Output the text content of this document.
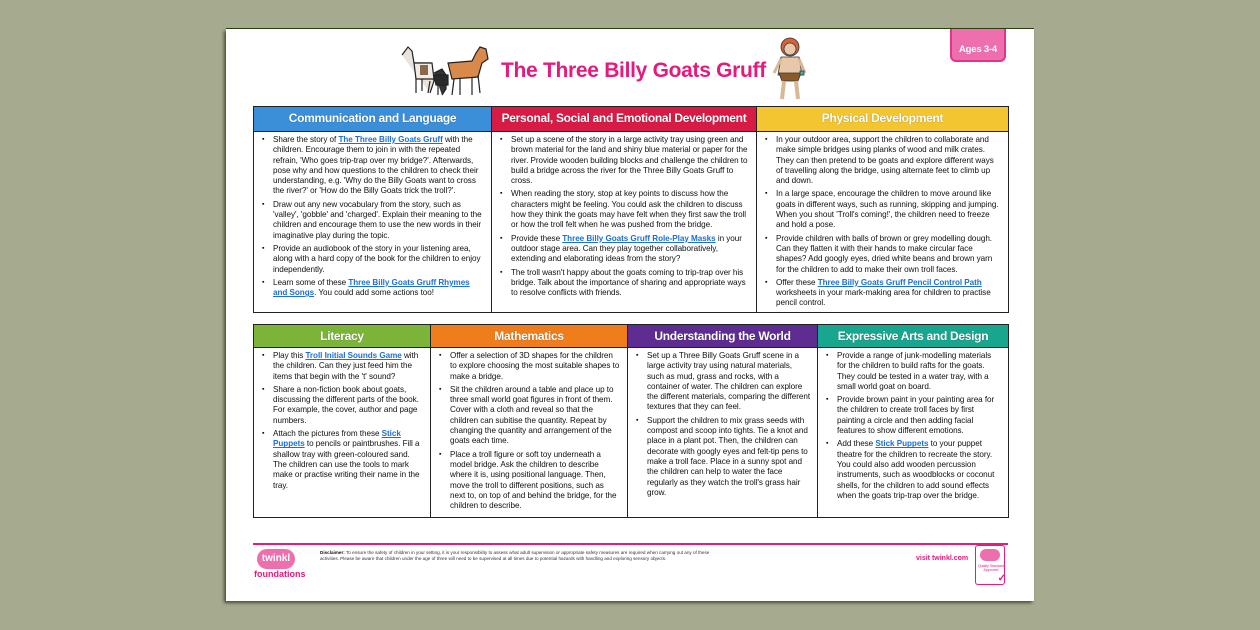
Ages 3-4
The Three Billy Goats Gruff
Communication and Language
▪ Share the story of The Three Billy Goats Gruff with the children. Encourage them to join in with the repeated refrain, 'Who goes trip-trap over my bridge?'. Afterwards, pose why and how questions to the children to check their understanding, e.g. 'Why do the Billy Goats want to cross the river?' or 'How do the Billy Goats trick the troll?'.
▪ Draw out any new vocabulary from the story, such as 'valley', 'gobble' and 'charged'. Explain their meaning to the children and encourage them to use the new words in their imaginative play during the topic.
▪ Provide an audiobook of the story in your listening area, along with a hard copy of the book for the children to enjoy independently.
▪ Learn some of these Three Billy Goats Gruff Rhymes and Songs. You could add some actions too!
Personal, Social and Emotional Development
▪ Set up a scene of the story in a large activity tray using green and brown material for the land and shiny blue material or paper for the river. Provide wooden building blocks and challenge the children to build a bridge across the river for the Three Billy Goats Gruff to cross.
▪ When reading the story, stop at key points to discuss how the characters might be feeling. You could ask the children to discuss how they think the goats may have felt when they first saw the troll or how the troll felt when he was pushed from the bridge.
▪ Provide these Three Billy Goats Gruff Role-Play Masks in your outdoor stage area. Can they play together collaboratively, extending and elaborating ideas from the story?
▪ The troll wasn't happy about the goats coming to trip-trap over his bridge. Talk about the importance of sharing and appropriate ways to resolve conflicts with friends.
Physical Development
▪ In your outdoor area, support the children to collaborate and make simple bridges using planks of wood and milk crates. They can then pretend to be goats and explore different ways of travelling along the bridge, using alternate feet to climb up and down.
▪ In a large space, encourage the children to move around like goats in different ways, such as running, skipping and jumping. When you shout 'Troll's coming!', the children need to freeze and hold a pose.
▪ Provide children with balls of brown or grey modelling dough. Can they flatten it with their hands to make circular face shapes? Add googly eyes, dried white beans and brown yarn for the children to add to make their own troll faces.
▪ Offer these Three Billy Goats Gruff Pencil Control Path worksheets in your mark-making area for children to practise pencil control.
Literacy
▪ Play this Troll Initial Sounds Game with the children. Can they just feed him the items that begin with the 't' sound?
▪ Share a non-fiction book about goats, discussing the different parts of the book. For example, the cover, author and page numbers.
▪ Attach the pictures from these Stick Puppets to pencils or paintbrushes. Fill a shallow tray with green-coloured sand. The children can use the tools to mark make or practise writing their name in the tray.
Mathematics
▪ Offer a selection of 3D shapes for the children to explore choosing the most suitable shapes to make a bridge.
▪ Sit the children around a table and place up to three small world goat figures in front of them. Cover with a cloth and reveal so that the children can subitise the quantity. Repeat by changing the quantity and arrangement of the goats each time.
▪ Place a troll figure or soft toy underneath a model bridge. Ask the children to describe where it is, using positional language. Then, move the troll to different positions, such as next to, on top of and behind the bridge, for the children to describe.
Understanding the World
▪ Set up a Three Billy Goats Gruff scene in a large activity tray using natural materials, such as mud, grass and rocks, with a container of water. The children can explore the different materials, comparing the different textures that they can feel.
▪ Support the children to mix grass seeds with compost and scoop into tights. Tie a knot and place in a plant pot. Then, the children can decorate with googly eyes and felt-tip pens to make a troll face. Place in a sunny spot and the children can help to water the face regularly as they watch the troll's grass hair grow.
Expressive Arts and Design
▪ Provide a range of junk-modelling materials for the children to build rafts for the goats. They could be tested in a water tray, with a small world goat on board.
▪ Provide brown paint in your painting area for the children to create troll faces by first painting a circle and then adding facial features to show different emotions.
▪ Add these Stick Puppets to your puppet theatre for the children to recreate the story. You could also add wooden percussion instruments, such as woodblocks or coconut shells, for the children to add sound effects when the goats trip-trap over the bridge.
twinkl
foundations
Disclaimer: To ensure the safety of children in your setting, it is your responsibility to assess what adult supervision or appropriate safety measures are required when carrying out any of these activities. Please be aware that children under the age of three will need to be supervised at all times due to potential hazards with handling and exploring sensory objects.	visit twinkl.com
Quality Standard Approved
✓
